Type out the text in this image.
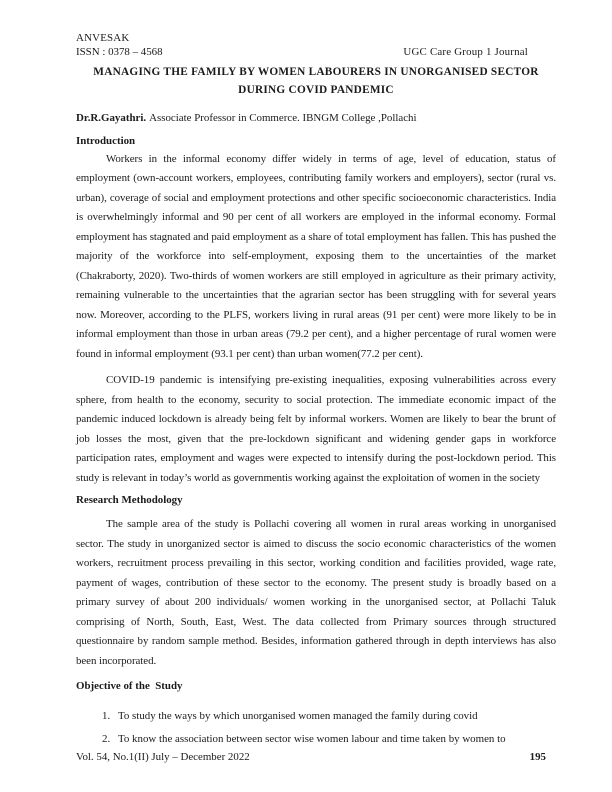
ANVESAK
ISSN : 0378 – 4568	UGC Care Group 1 Journal
MANAGING THE FAMILY BY WOMEN LABOURERS IN UNORGANISED SECTOR
DURING COVID PANDEMIC
Dr.R.Gayathri. Associate Professor in Commerce. IBNGM College ,Pollachi
Introduction

Workers in the informal economy differ widely in terms of age, level of education, status of employment (own-account workers, employees, contributing family workers and employers), sector (rural vs. urban), coverage of social and employment protections and other specific socioeconomic characteristics. India is overwhelmingly informal and 90 per cent of all workers are employed in the informal economy. Formal employment has stagnated and paid employment as a share of total employment has fallen. This has pushed the majority of the workforce into self-employment, exposing them to the uncertainties of the market (Chakraborty, 2020). Two-thirds of women workers are still employed in agriculture as their primary activity, remaining vulnerable to the uncertainties that the agrarian sector has been struggling with for several years now. Moreover, according to the PLFS, workers living in rural areas (91 per cent) were more likely to be in informal employment than those in urban areas (79.2 per cent), and a higher percentage of rural women were found in informal employment (93.1 per cent) than urban women(77.2 per cent).

COVID-19 pandemic is intensifying pre-existing inequalities, exposing vulnerabilities across every sphere, from health to the economy, security to social protection. The immediate economic impact of the pandemic induced lockdown is already being felt by informal workers. Women are likely to bear the brunt of job losses the most, given that the pre-lockdown significant and widening gender gaps in workforce participation rates, employment and wages were expected to intensify during the post-lockdown period. This study is relevant in today’s world as governmentis working against the exploitation of women in the society

Research Methodology

The sample area of the study is Pollachi covering all women in rural areas working in unorganised sector. The study in unorganized sector is aimed to discuss the socio economic characteristics of the women workers, recruitment process prevailing in this sector, working condition and facilities provided, wage rate, payment of wages, contribution of these sector to the economy. The present study is broadly based on a primary survey of about 200 individuals/ women working in the unorganised sector, at Pollachi Taluk comprising of North, South, East, West. The data collected from Primary sources through structured questionnaire by random sample method. Besides, information gathered through in depth interviews has also been incorporated.

Objective of the  Study
1. To study the ways by which unorganised women managed the family during covid
2. To know the association between sector wise women labour and time taken by women to
Vol. 54, No.1(II) July – December 2022	195
